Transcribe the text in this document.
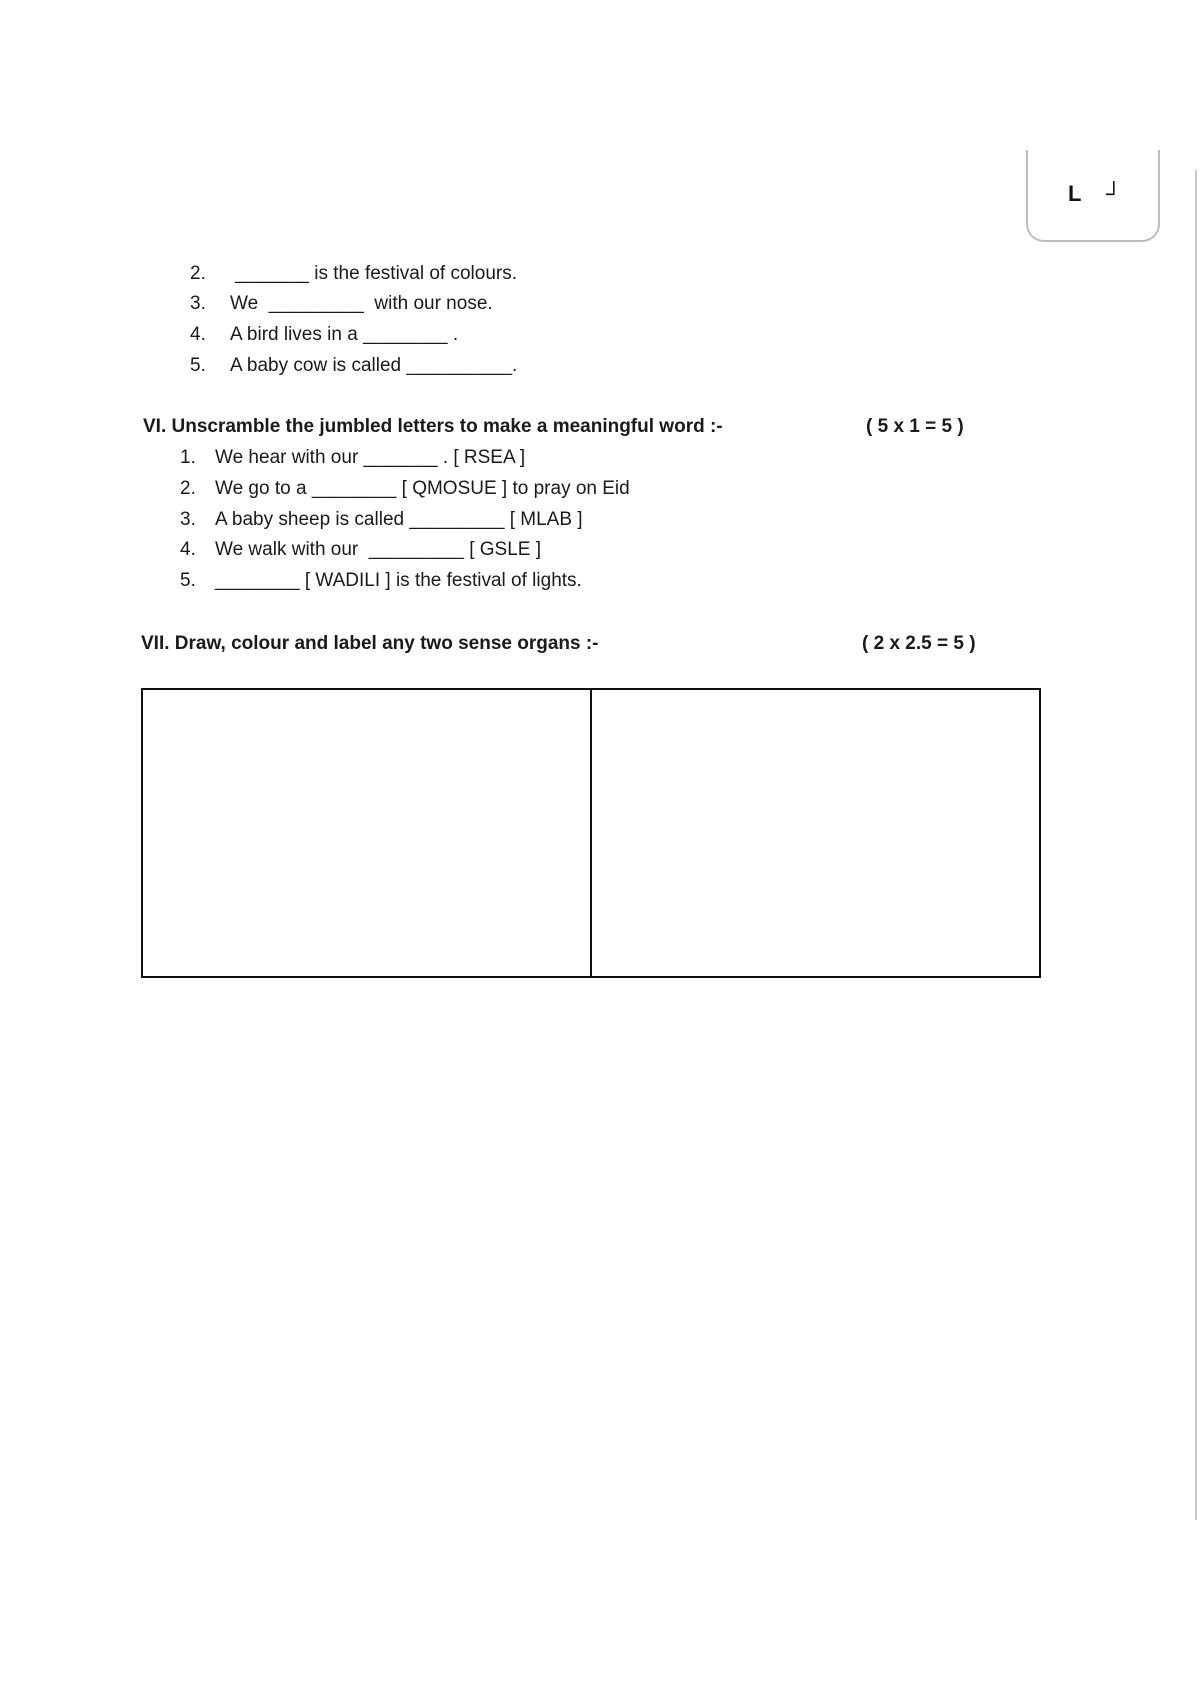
L ┘
2. _______ is the festival of colours.
3. We  _________  with our nose.
4. A bird lives in a ________ .
5. A baby cow is called __________.
VI. Unscramble the jumbled letters to make a meaningful word :-	( 5 x 1 = 5 )
1. We hear with our _______ . [ RSEA ]
2. We go to a ________ [ QMOSUE ] to pray on Eid
3. A baby sheep is called _________ [ MLAB ]
4. We walk with our  _________ [ GSLE ]
5. ________ [ WADILI ] is the festival of lights.
VII. Draw, colour and label any two sense organs :-	( 2 x 2.5 = 5 )
